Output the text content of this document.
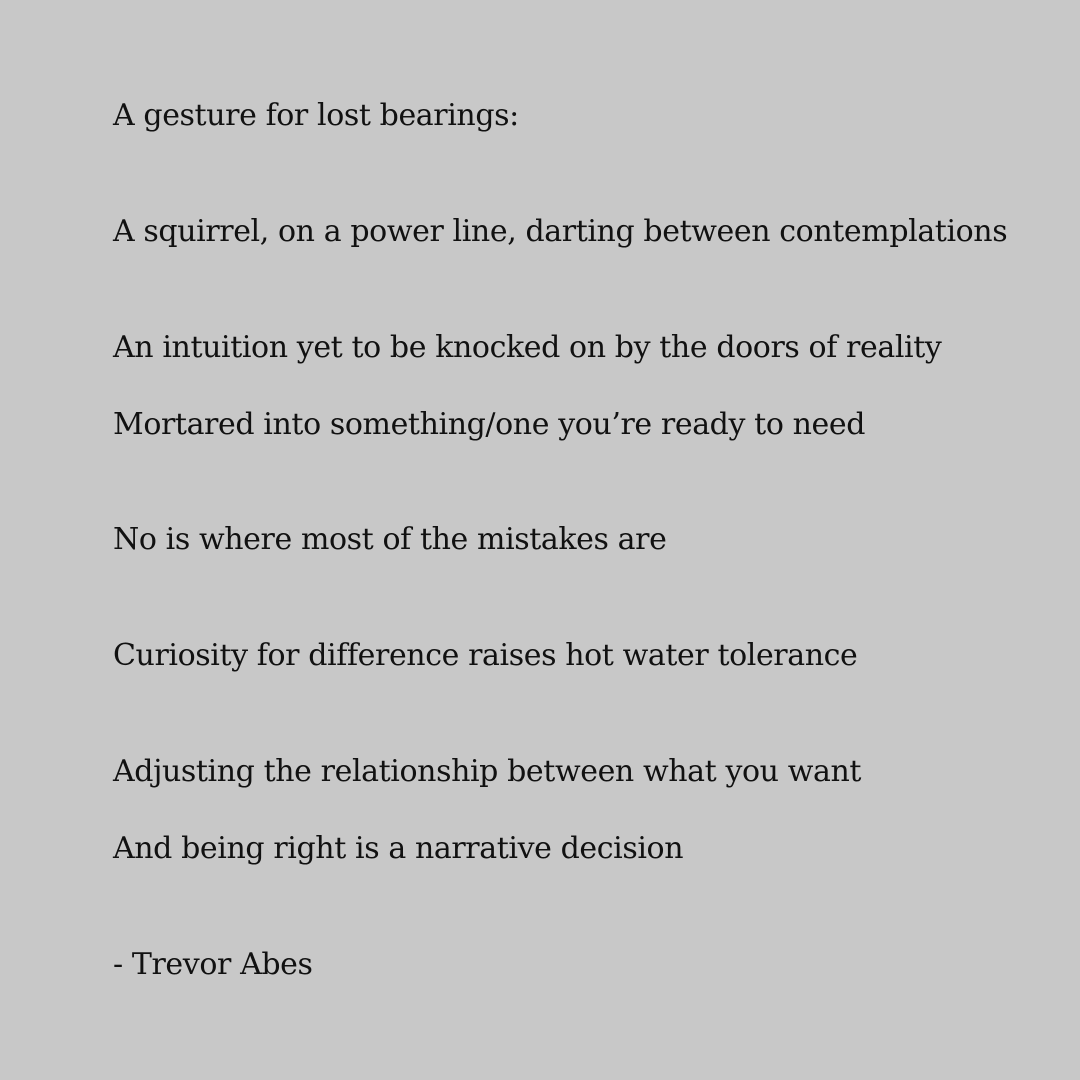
A gesture for lost bearings:

A squirrel, on a power line, darting between contemplations

An intuition yet to be knocked on by the doors of reality

Mortared into something/one you’re ready to need

No is where most of the mistakes are

Curiosity for difference raises hot water tolerance

Adjusting the relationship between what you want

And being right is a narrative decision

- Trevor Abes
